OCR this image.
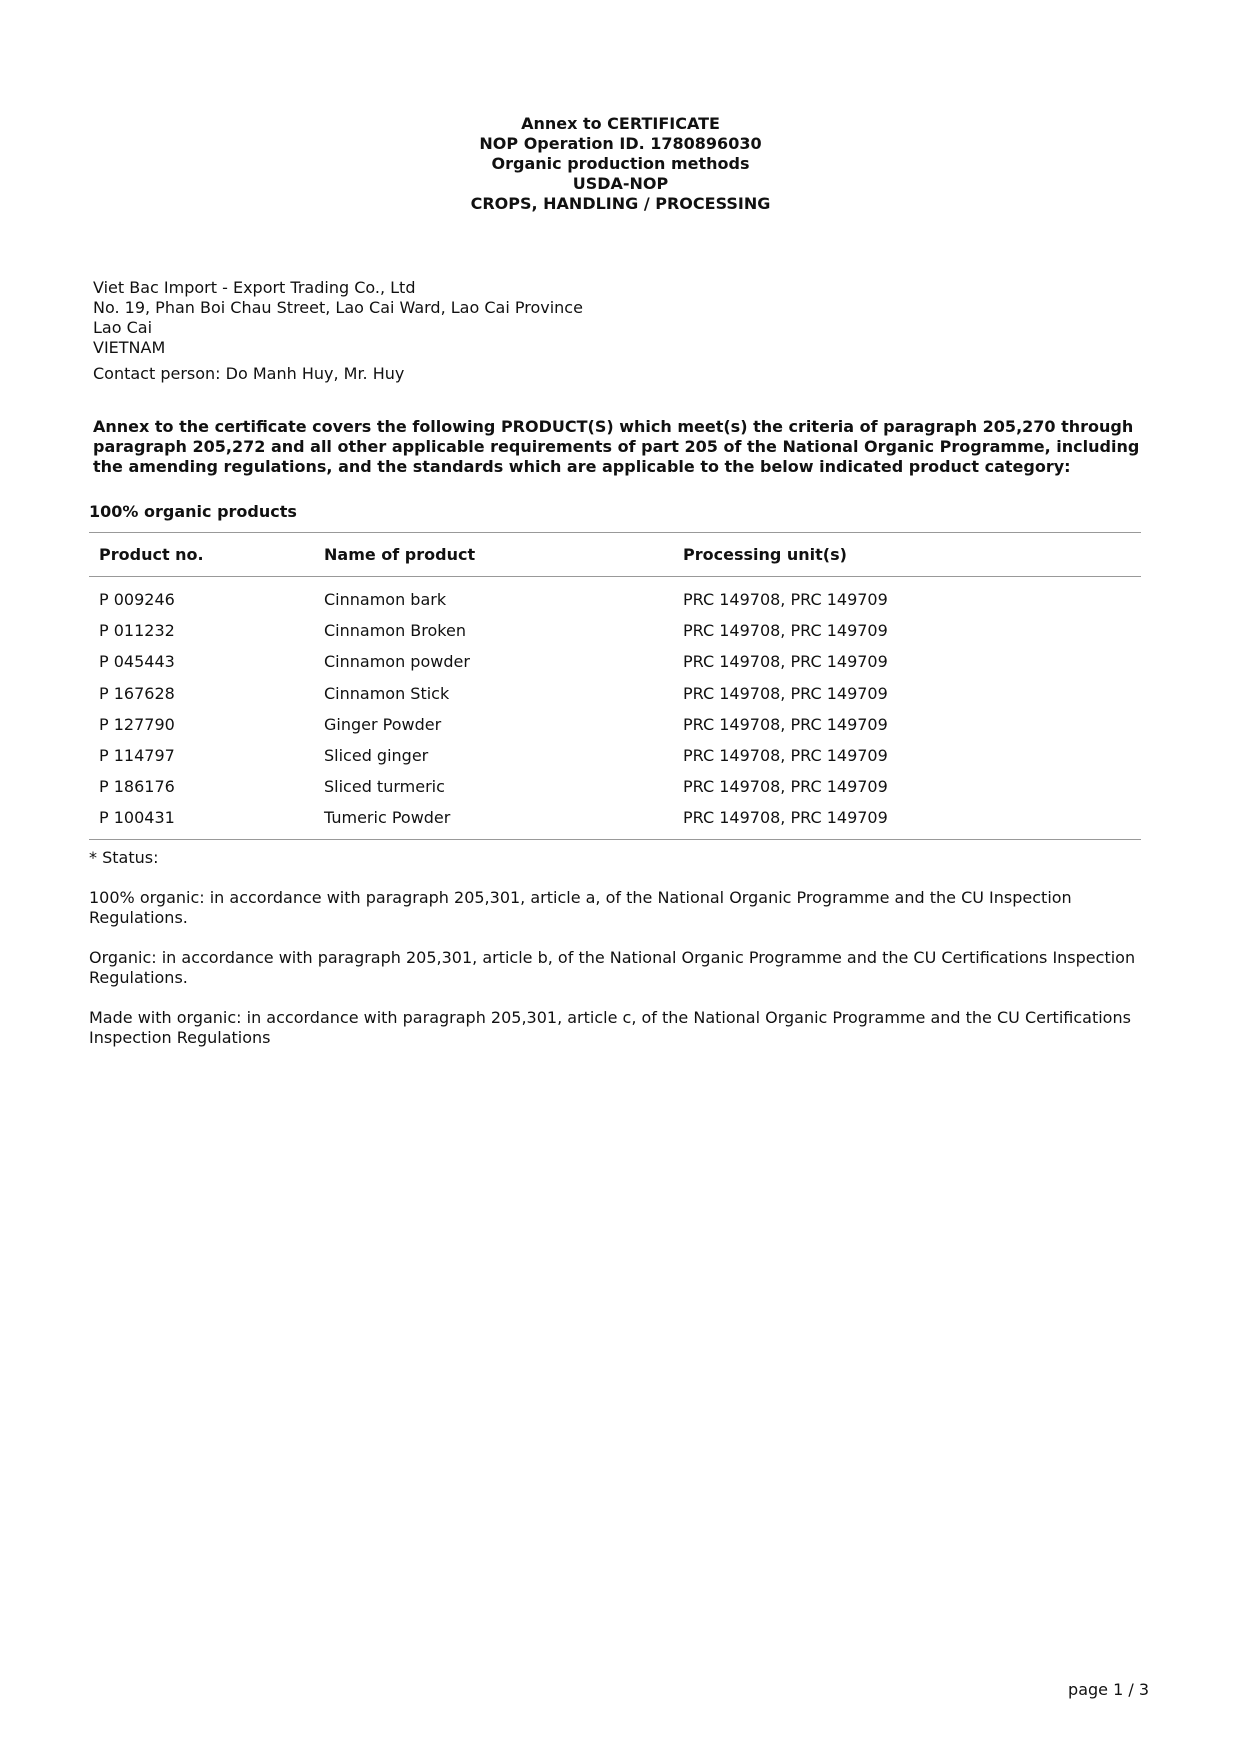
Annex to CERTIFICATE
NOP Operation ID. 1780896030
Organic production methods
USDA-NOP
CROPS, HANDLING / PROCESSING
Viet Bac Import - Export Trading Co., Ltd
No. 19, Phan Boi Chau Street, Lao Cai Ward, Lao Cai Province
Lao Cai
VIETNAM
Contact person: Do Manh Huy, Mr. Huy
Annex to the certificate covers the following PRODUCT(S) which meet(s) the criteria of paragraph 205,270 through paragraph 205,272 and all other applicable requirements of part 205 of the National Organic Programme, including the amending regulations, and the standards which are applicable to the below indicated product category:
100% organic products
Product no.	Name of product	Processing unit(s)
P 009246	Cinnamon bark	PRC 149708, PRC 149709
P 011232	Cinnamon Broken	PRC 149708, PRC 149709
P 045443	Cinnamon powder	PRC 149708, PRC 149709
P 167628	Cinnamon Stick	PRC 149708, PRC 149709
P 127790	Ginger Powder	PRC 149708, PRC 149709
P 114797	Sliced ginger	PRC 149708, PRC 149709
P 186176	Sliced turmeric	PRC 149708, PRC 149709
P 100431	Tumeric Powder	PRC 149708, PRC 149709

* Status:

100% organic: in accordance with paragraph 205,301, article a, of the National Organic Programme and the CU Inspection Regulations.

Organic: in accordance with paragraph 205,301, article b, of the National Organic Programme and the CU Certifications Inspection Regulations.

Made with organic: in accordance with paragraph 205,301, article c, of the National Organic Programme and the CU Certifications Inspection Regulations

page 1 / 3
